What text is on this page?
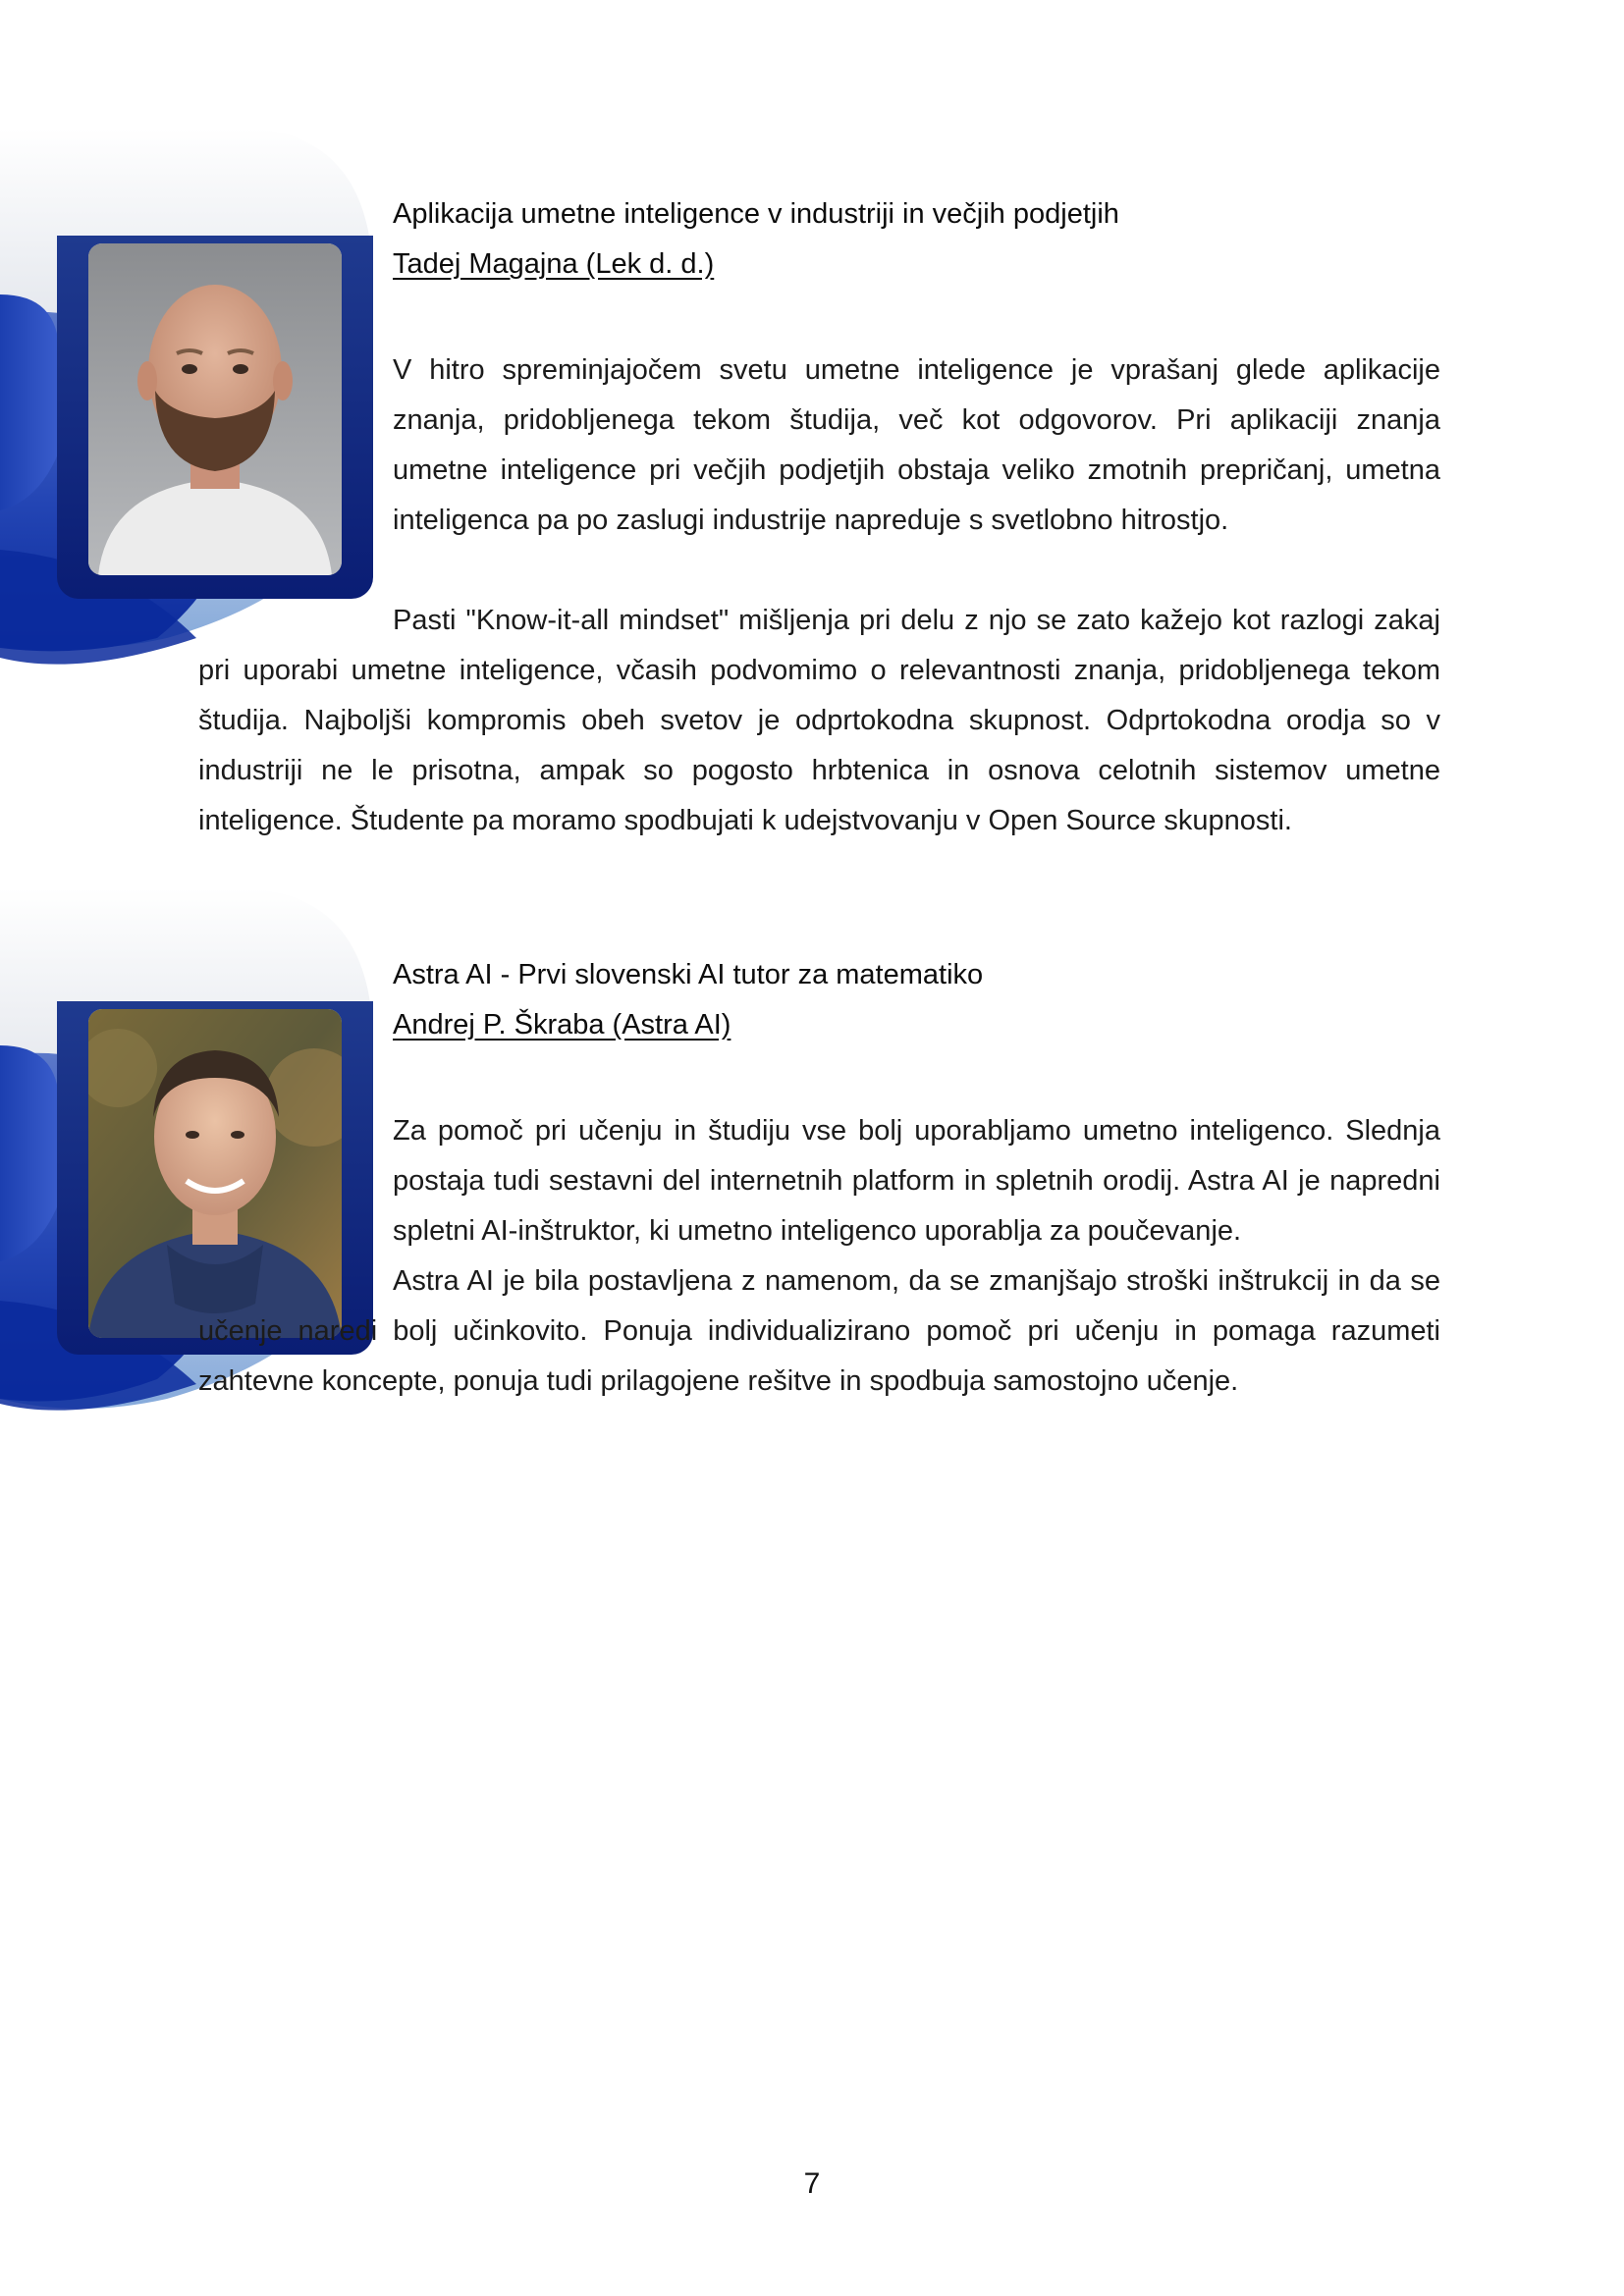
Aplikacija umetne inteligence v industriji in večjih podjetjih
Tadej Magajna (Lek d. d.)

V hitro spreminjajočem svetu umetne inteligence je vprašanj glede aplikacije znanja, pridobljenega tekom študija, več kot odgovorov. Pri aplikaciji znanja umetne inteligence pri večjih podjetjih obstaja veliko zmotnih prepričanj, umetna inteligenca pa po zaslugi industrije napreduje s svetlobno hitrostjo.

Pasti "Know-it-all mindset" mišljenja pri delu z njo se zato kažejo kot razlogi zakaj pri uporabi umetne inteligence, včasih podvomimo o relevantnosti znanja, pridobljenega tekom študija. Najboljši kompromis obeh svetov je odprtokodna skupnost. Odprtokodna orodja so v industriji ne le prisotna, ampak so pogosto hrbtenica in osnova celotnih sistemov umetne inteligence. Študente pa moramo spodbujati k udejstvovanju v Open Source skupnosti.

Astra AI - Prvi slovenski AI tutor za matematiko
Andrej P. Škraba (Astra AI)

Za pomoč pri učenju in študiju vse bolj uporabljamo umetno inteligenco. Slednja postaja tudi sestavni del internetnih platform in spletnih orodij. Astra AI je napredni spletni AI-inštruktor, ki umetno inteligenco uporablja za poučevanje.

Astra AI je bila postavljena z namenom, da se zmanjšajo stroški inštrukcij in da se učenje naredi bolj učinkovito. Ponuja individualizirano pomoč pri učenju in pomaga razumeti zahtevne koncepte, ponuja tudi prilagojene rešitve in spodbuja samostojno učenje.

7
